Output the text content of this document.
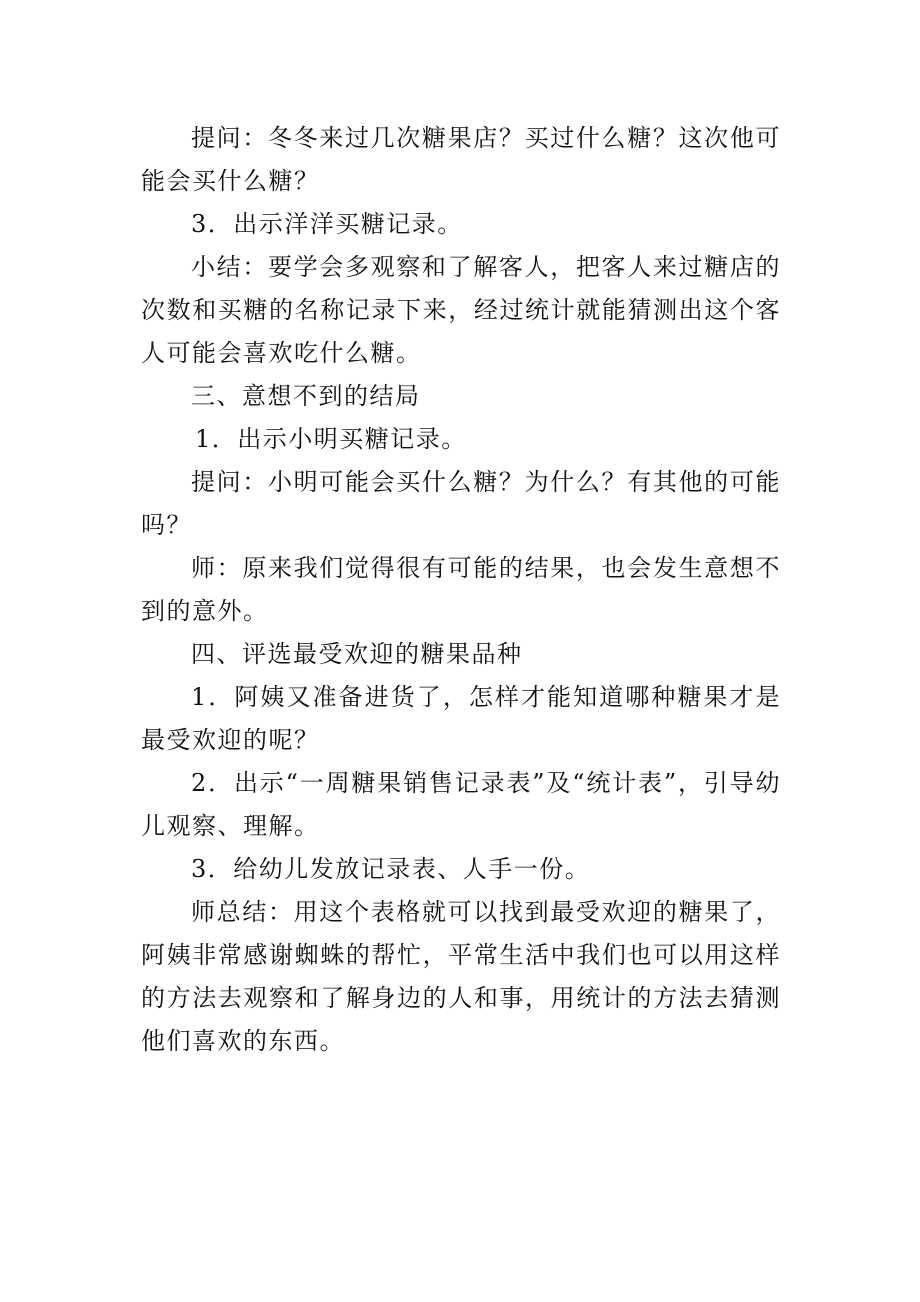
提问：冬冬来过几次糖果店？买过什么糖？这次他可能会买什么糖？

3．出示洋洋买糖记录。

小结：要学会多观察和了解客人，把客人来过糖店的次数和买糖的名称记录下来，经过统计就能猜测出这个客人可能会喜欢吃什么糖。

三、意想不到的结局

1．出示小明买糖记录。

提问：小明可能会买什么糖？为什么？有其他的可能吗？

师：原来我们觉得很有可能的结果，也会发生意想不到的意外。

四、评选最受欢迎的糖果品种

1．阿姨又准备进货了，怎样才能知道哪种糖果才是最受欢迎的呢？

2．出示“一周糖果销售记录表”及“统计表”，引导幼儿观察、理解。

3．给幼儿发放记录表、人手一份。

师总结：用这个表格就可以找到最受欢迎的糖果了，阿姨非常感谢蜘蛛的帮忙，平常生活中我们也可以用这样的方法去观察和了解身边的人和事，用统计的方法去猜测他们喜欢的东西。
